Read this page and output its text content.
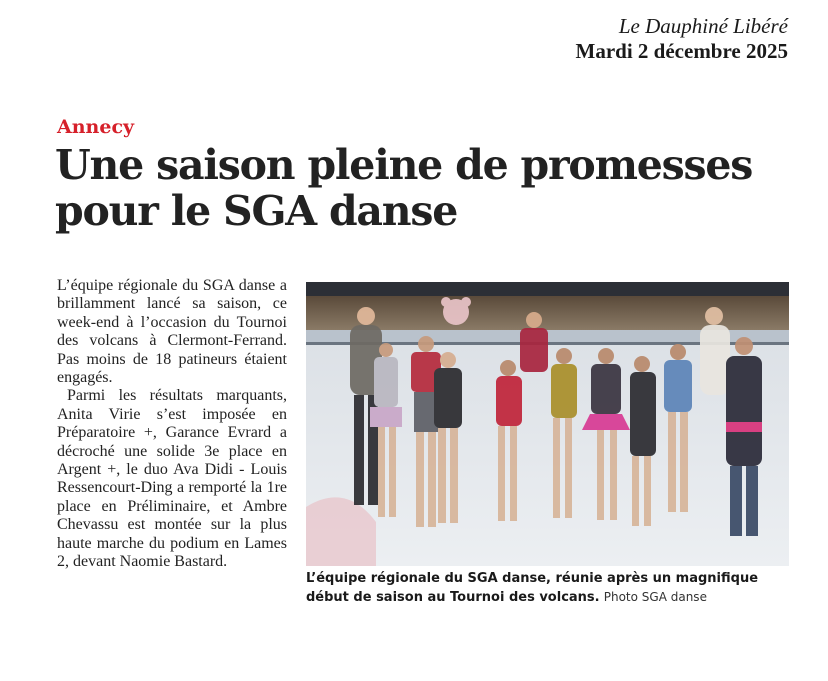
Le Dauphiné Libéré
Mardi 2 décembre 2025
Annecy
Une saison pleine de promesses
pour le SGA danse

L’équipe régionale du SGA danse a brillamment lancé sa saison, ce week-end à l’occasion du Tournoi des volcans à Clermont-Ferrand. Pas moins de 18 patineurs étaient engagés.

Parmi les résultats marquants, Anita Virie s’est imposée en Préparatoire +, Garance Evrard a décroché une solide 3e place en Argent +, le duo Ava Didi - Louis Ressencourt-Ding a remporté la 1re place en Préliminaire, et Ambre Chevassu est montée sur la plus haute marche du podium en Lames 2, devant Naomie Bastard.

L’équipe régionale du SGA danse, réunie après un magnifique début de saison au Tournoi des volcans. Photo SGA danse
